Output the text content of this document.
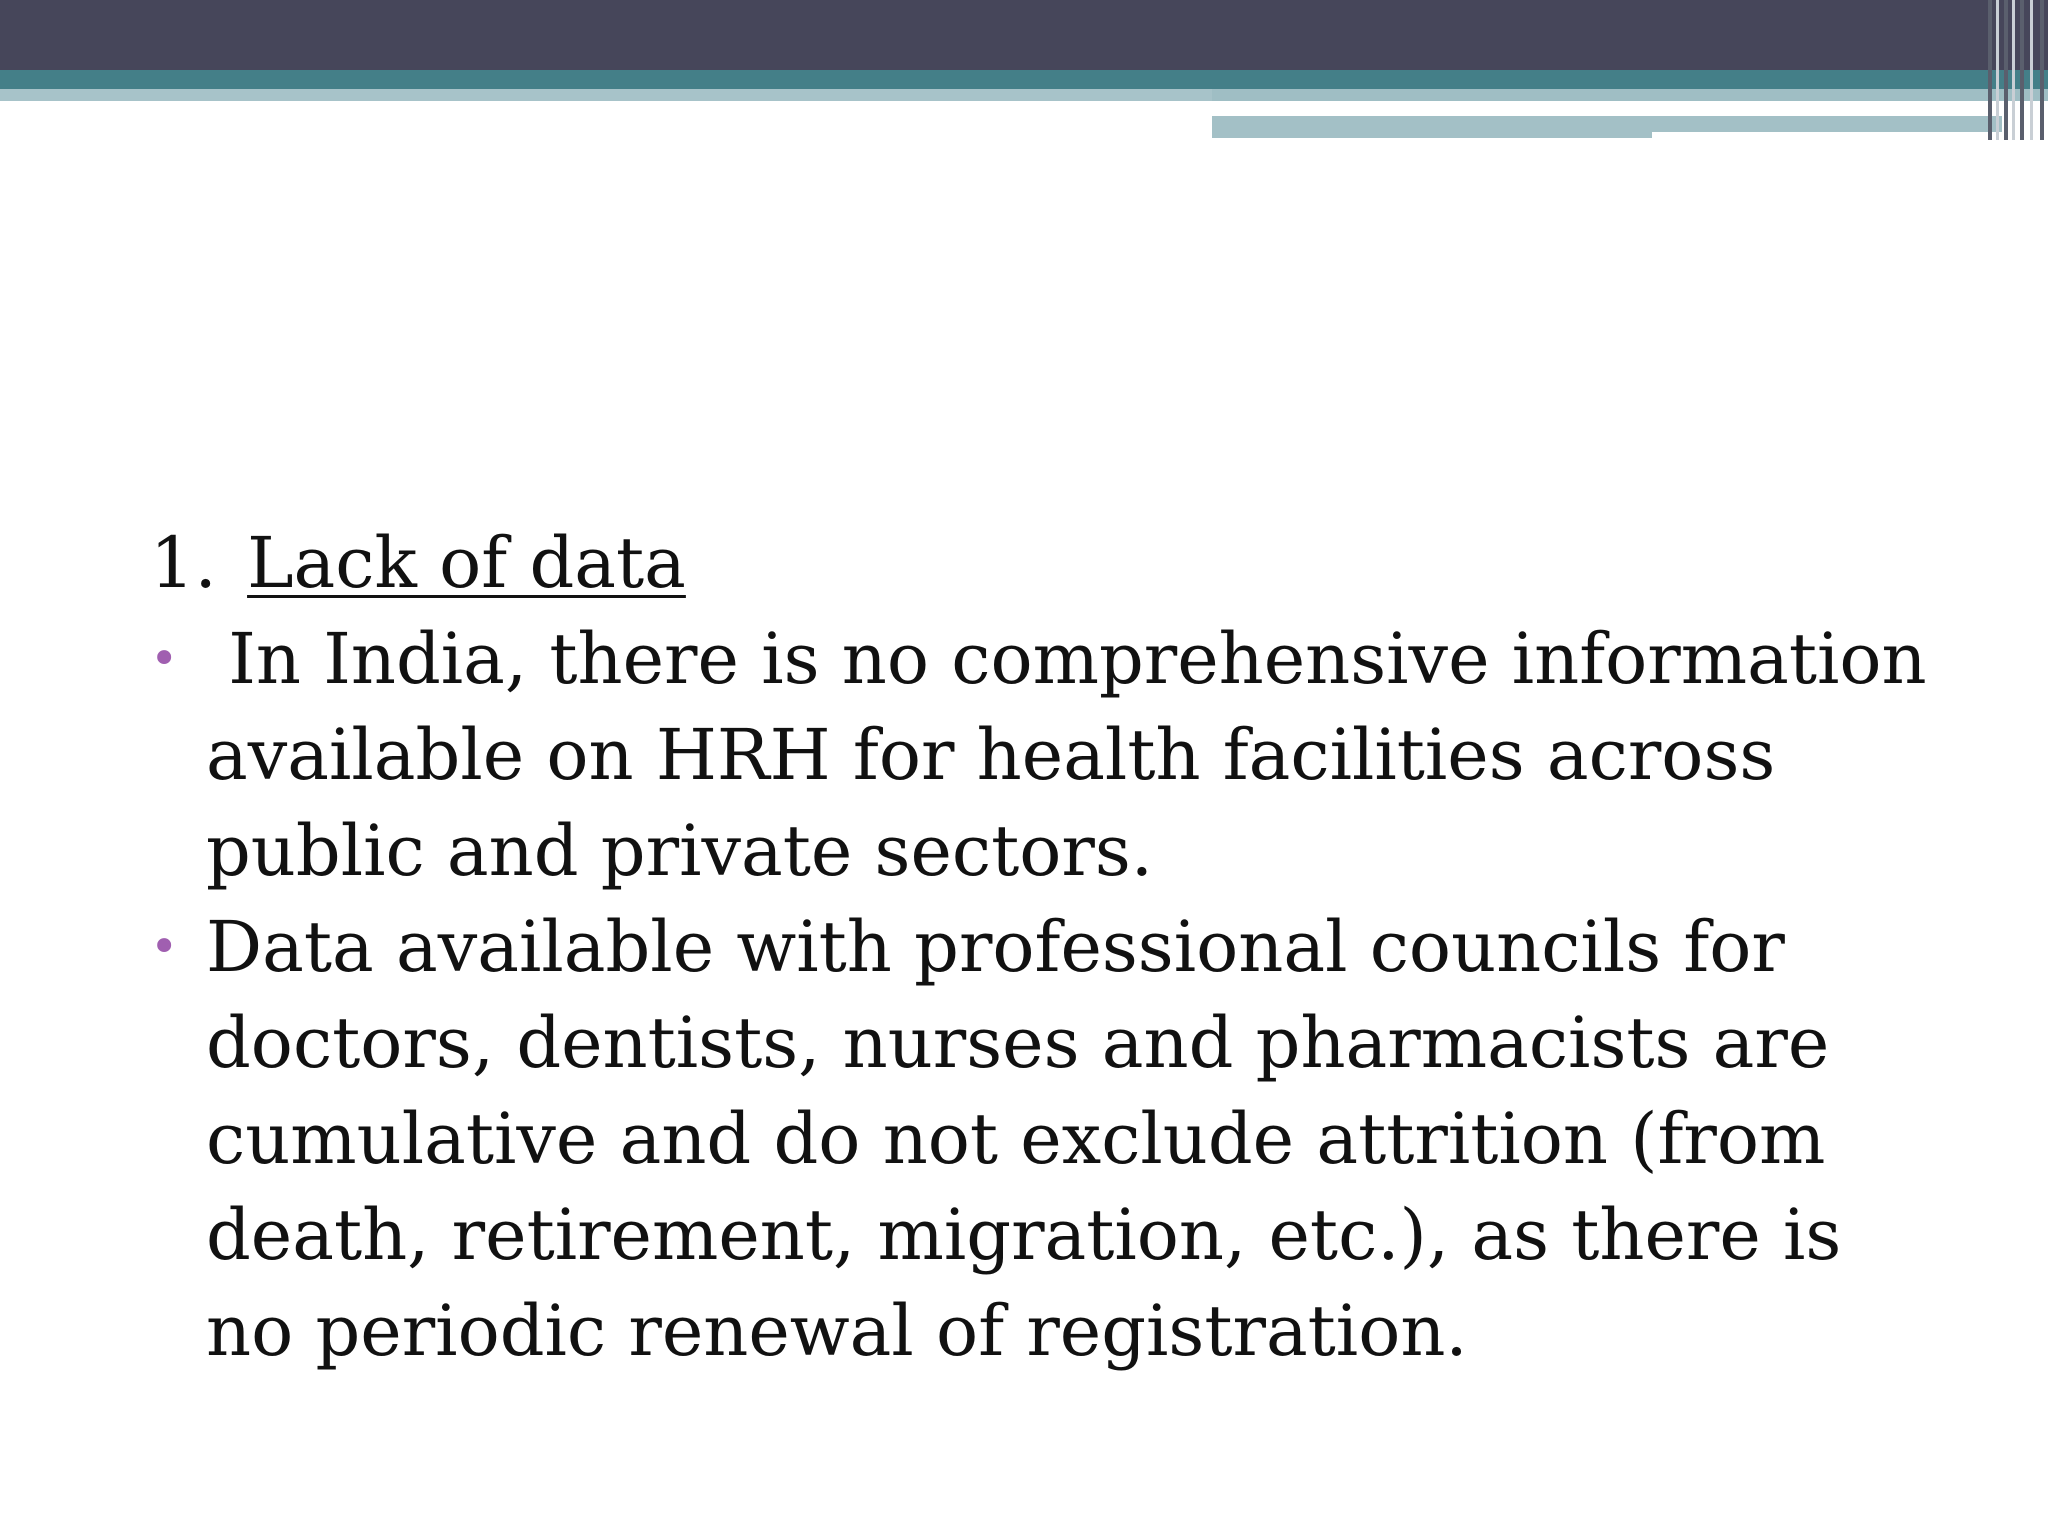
1. Lack of data

• In India, there is no comprehensive information available on HRH for health facilities across public and private sectors.
• Data available with professional councils for doctors, dentists, nurses and pharmacists are cumulative and do not exclude attrition (from death, retirement, migration, etc.), as there is no periodic renewal of registration.
